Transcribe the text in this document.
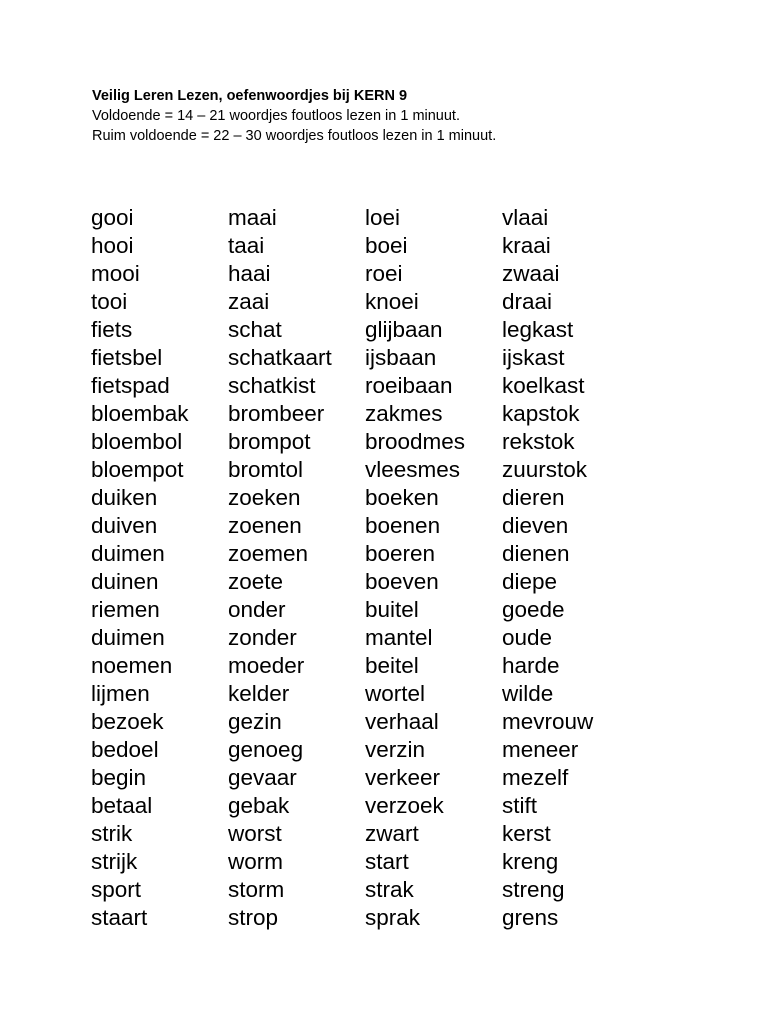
Veilig Leren Lezen, oefenwoordjes bij KERN 9
Voldoende = 14 – 21 woordjes foutloos lezen in 1 minuut.
Ruim voldoende = 22 – 30 woordjes foutloos lezen in 1 minuut.
gooi	maai	loei	vlaai
hooi	taai	boei	kraai
mooi	haai	roei	zwaai
tooi	zaai	knoei	draai
fiets	schat	glijbaan	legkast
fietsbel	schatkaart	ijsbaan	ijskast
fietspad	schatkist	roeibaan	koelkast
bloembak	brombeer	zakmes	kapstok
bloembol	brompot	broodmes	rekstok
bloempot	bromtol	vleesmes	zuurstok
duiken	zoeken	boeken	dieren
duiven	zoenen	boenen	dieven
duimen	zoemen	boeren	dienen
duinen	zoete	boeven	diepe
riemen	onder	buitel	goede
duimen	zonder	mantel	oude
noemen	moeder	beitel	harde
lijmen	kelder	wortel	wilde
bezoek	gezin	verhaal	mevrouw
bedoel	genoeg	verzin	meneer
begin	gevaar	verkeer	mezelf
betaal	gebak	verzoek	stift
strik	worst	zwart	kerst
strijk	worm	start	kreng
sport	storm	strak	streng
staart	strop	sprak	grens
